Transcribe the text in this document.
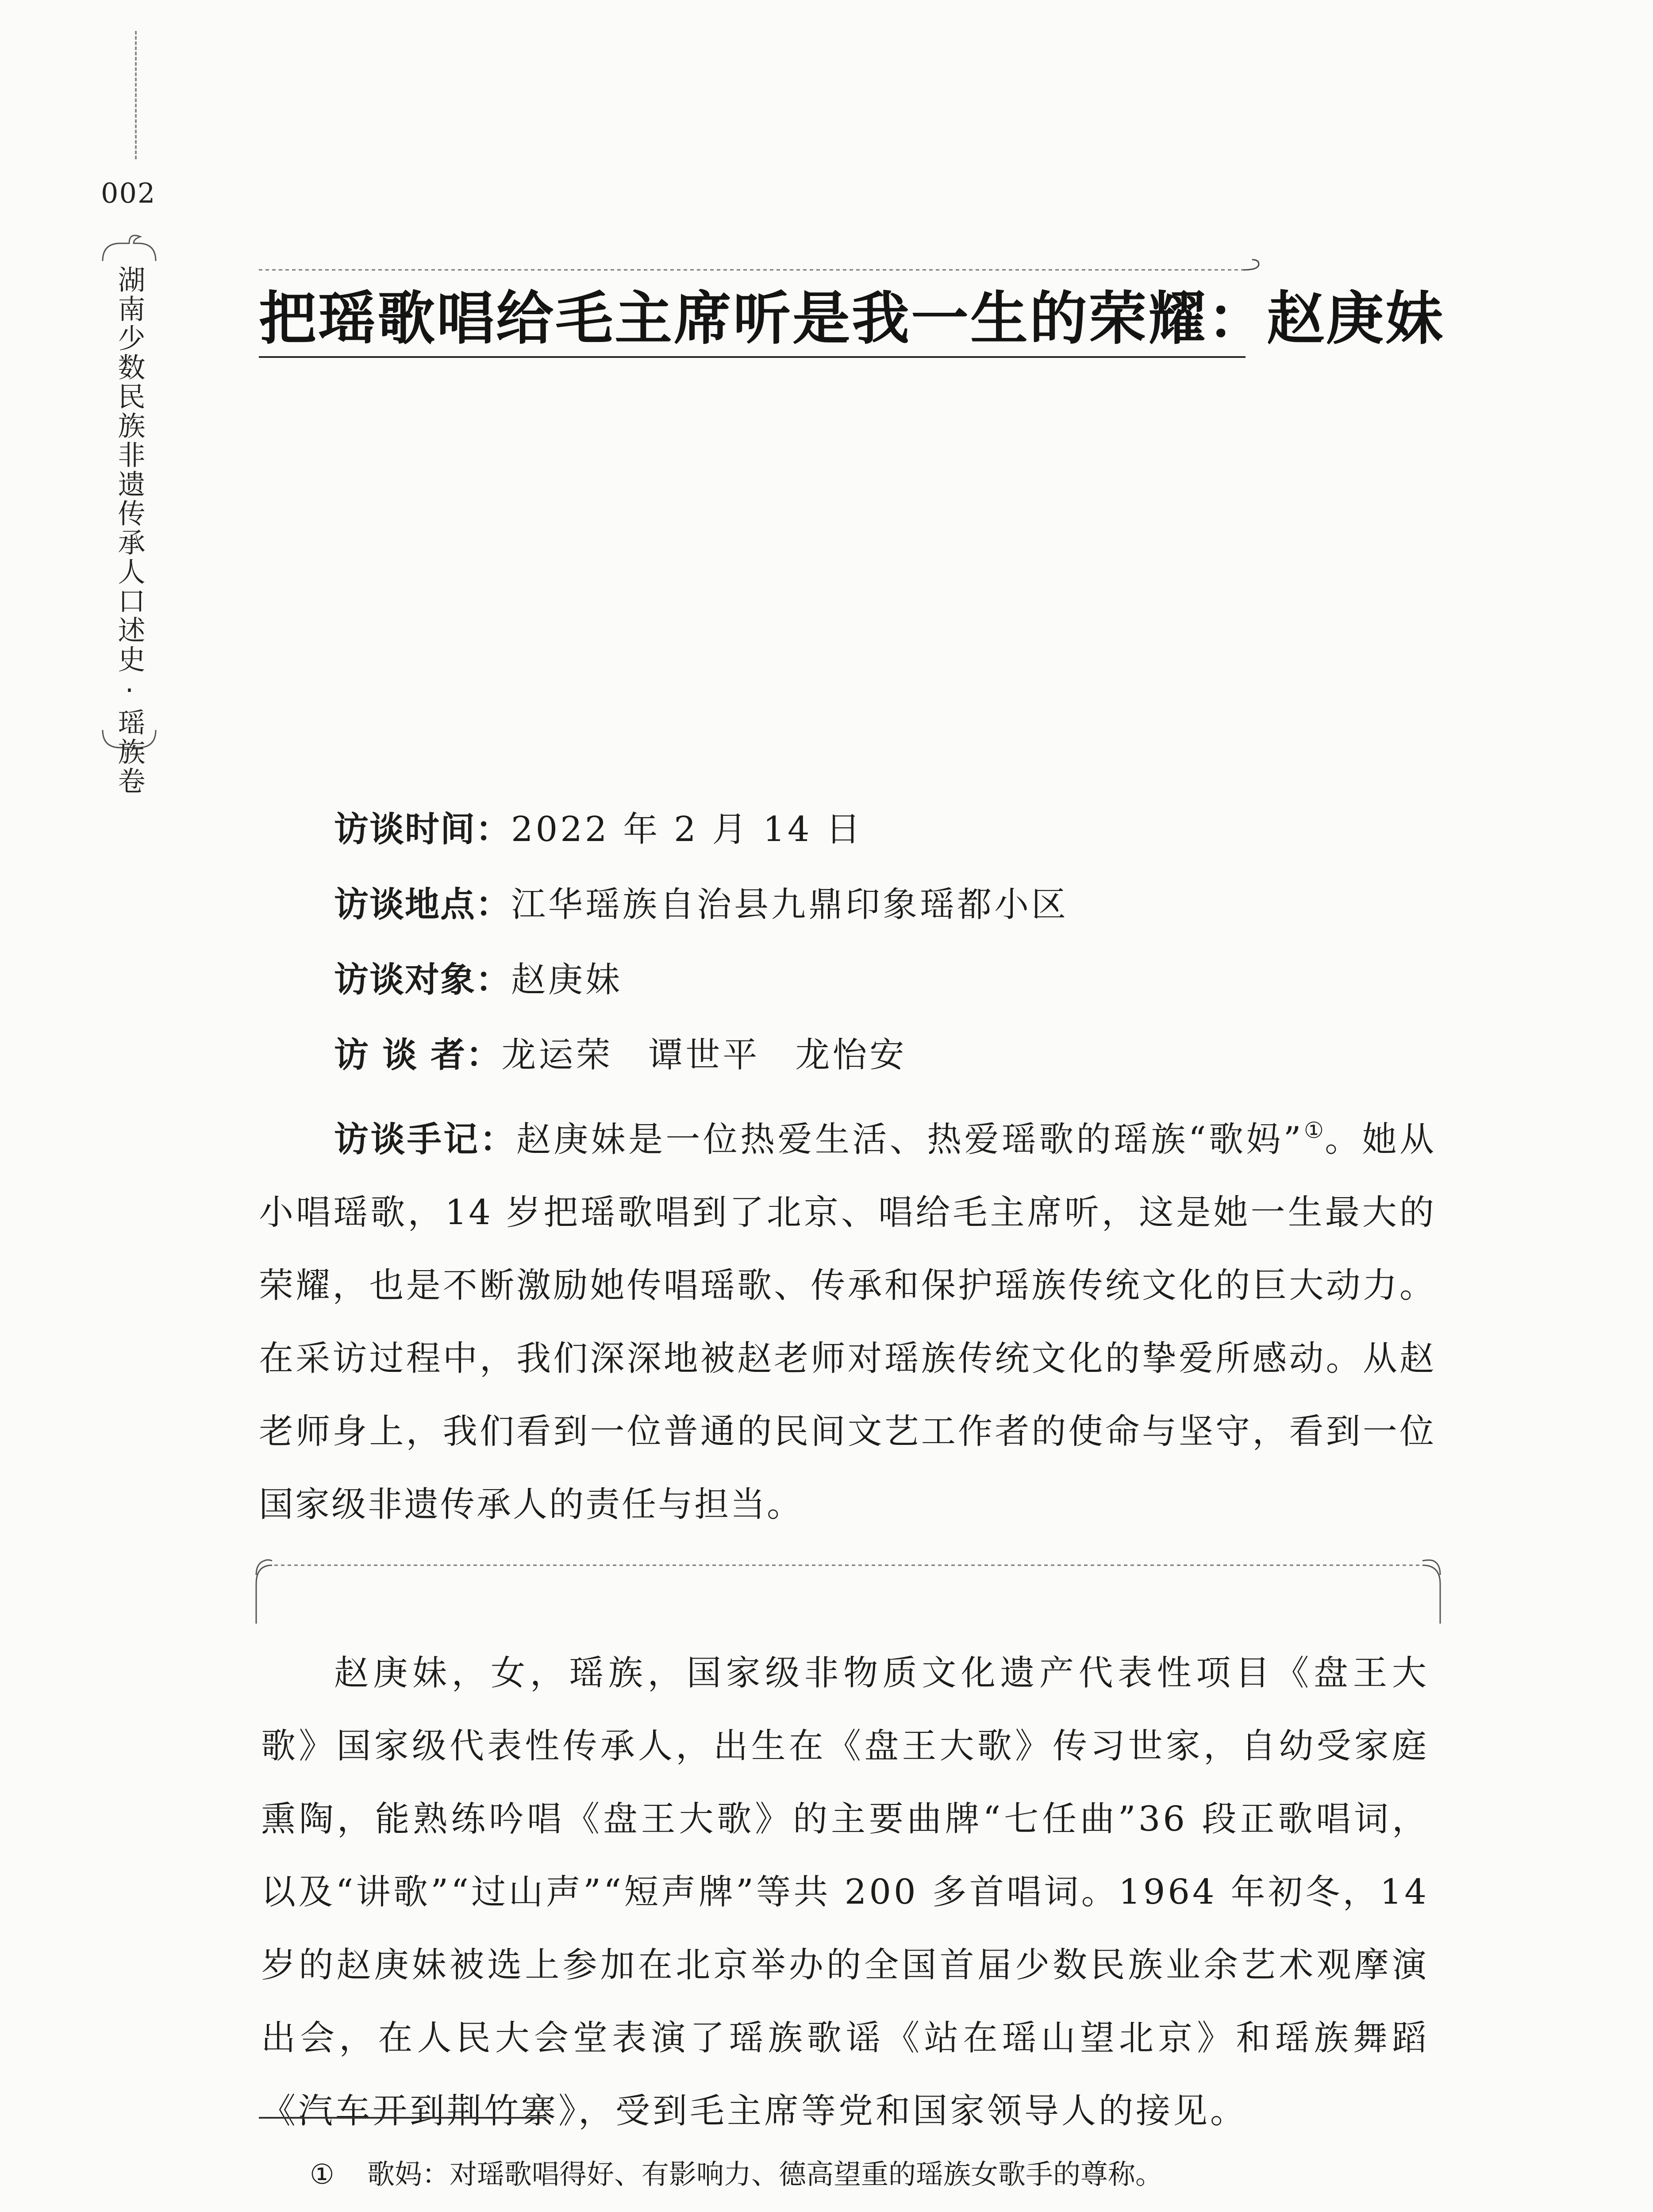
002
湖南少数民族非遗传承人口述史·瑶族卷 把瑶歌唱给毛主席听是我一生的荣耀：赵庚妹
访谈时间：2022 年 2 月 14 日
访谈地点：江华瑶族自治县九鼎印象瑶都小区
访谈对象：赵庚妹
访 谈 者：龙运荣 谭世平 龙怡安
访谈手记：赵庚妹是一位热爱生活、热爱瑶歌的瑶族“歌妈”①。她从小唱瑶歌，14 岁把瑶歌唱到了北京、唱给毛主席听，这是她一生最大的荣耀，也是不断激励她传唱瑶歌、传承和保护瑶族传统文化的巨大动力。在采访过程中，我们深深地被赵老师对瑶族传统文化的挚爱所感动。从赵老师身上，我们看到一位普通的民间文艺工作者的使命与坚守，看到一位国家级非遗传承人的责任与担当。
赵庚妹，女，瑶族，国家级非物质文化遗产代表性项目《盘王大歌》国家级代表性传承人，出生在《盘王大歌》传习世家，自幼受家庭熏陶，能熟练吟唱《盘王大歌》的主要曲牌“七任曲”36 段正歌唱词，以及“讲歌”“过山声”“短声牌”等共 200 多首唱词。1964 年初冬，14 岁的赵庚妹被选上参加在北京举办的全国首届少数民族业余艺术观摩演出会，在人民大会堂表演了瑶族歌谣《站在瑶山望北京》和瑶族舞蹈《汽车开到荆竹寨》，受到毛主席等党和国家领导人的接见。
① 歌妈：对瑶歌唱得好、有影响力、德高望重的瑶族女歌手的尊称。
